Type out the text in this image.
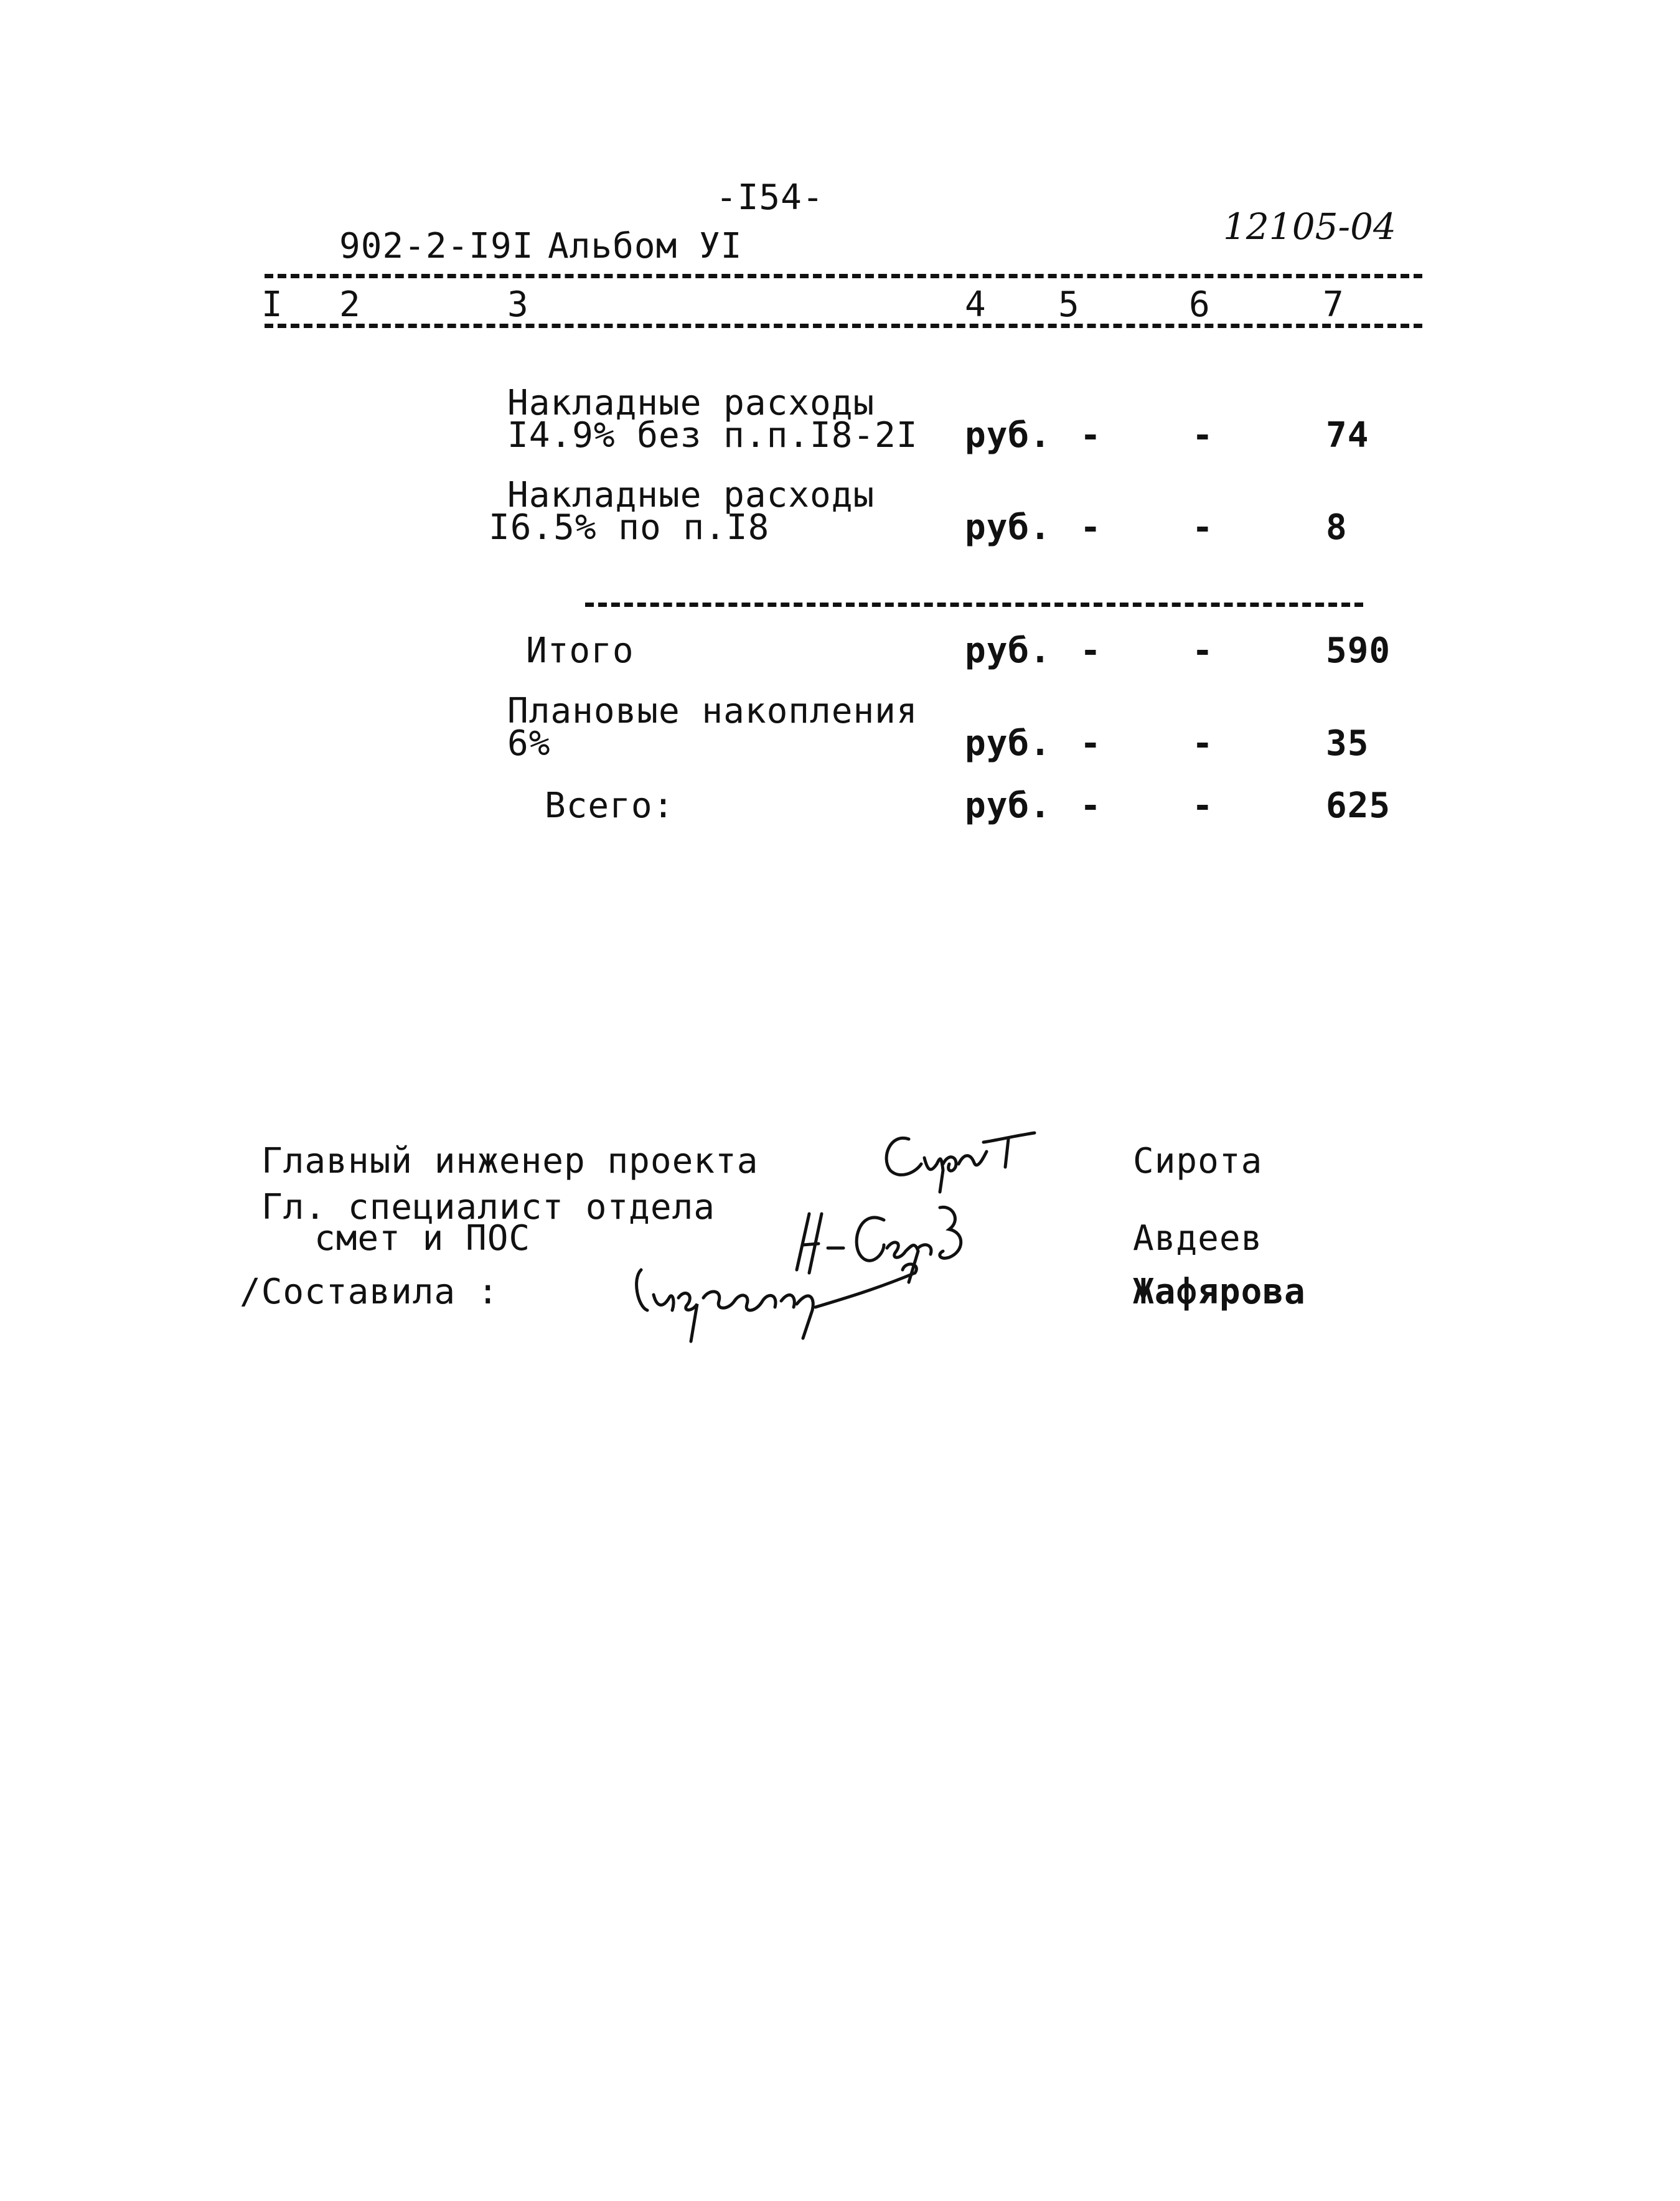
-I54-
902-2-I9I Альбом УI	12105-04
I 2	3	4 5	6	7
Накладные расходы
I4.9% без п.п.I8-2I руб. -	-	74
Накладные расходы
I6.5% по п.I8	руб. -	-	8
Итого	руб. -	-	590
Плановые накопления
6%	руб. -	-	35
Всего:	руб. -	-	625
Главный инженер проекта	Сирота
Гл. специалист отдела
смет и ПОС	Авдеев
/Составила :	Жафярова
